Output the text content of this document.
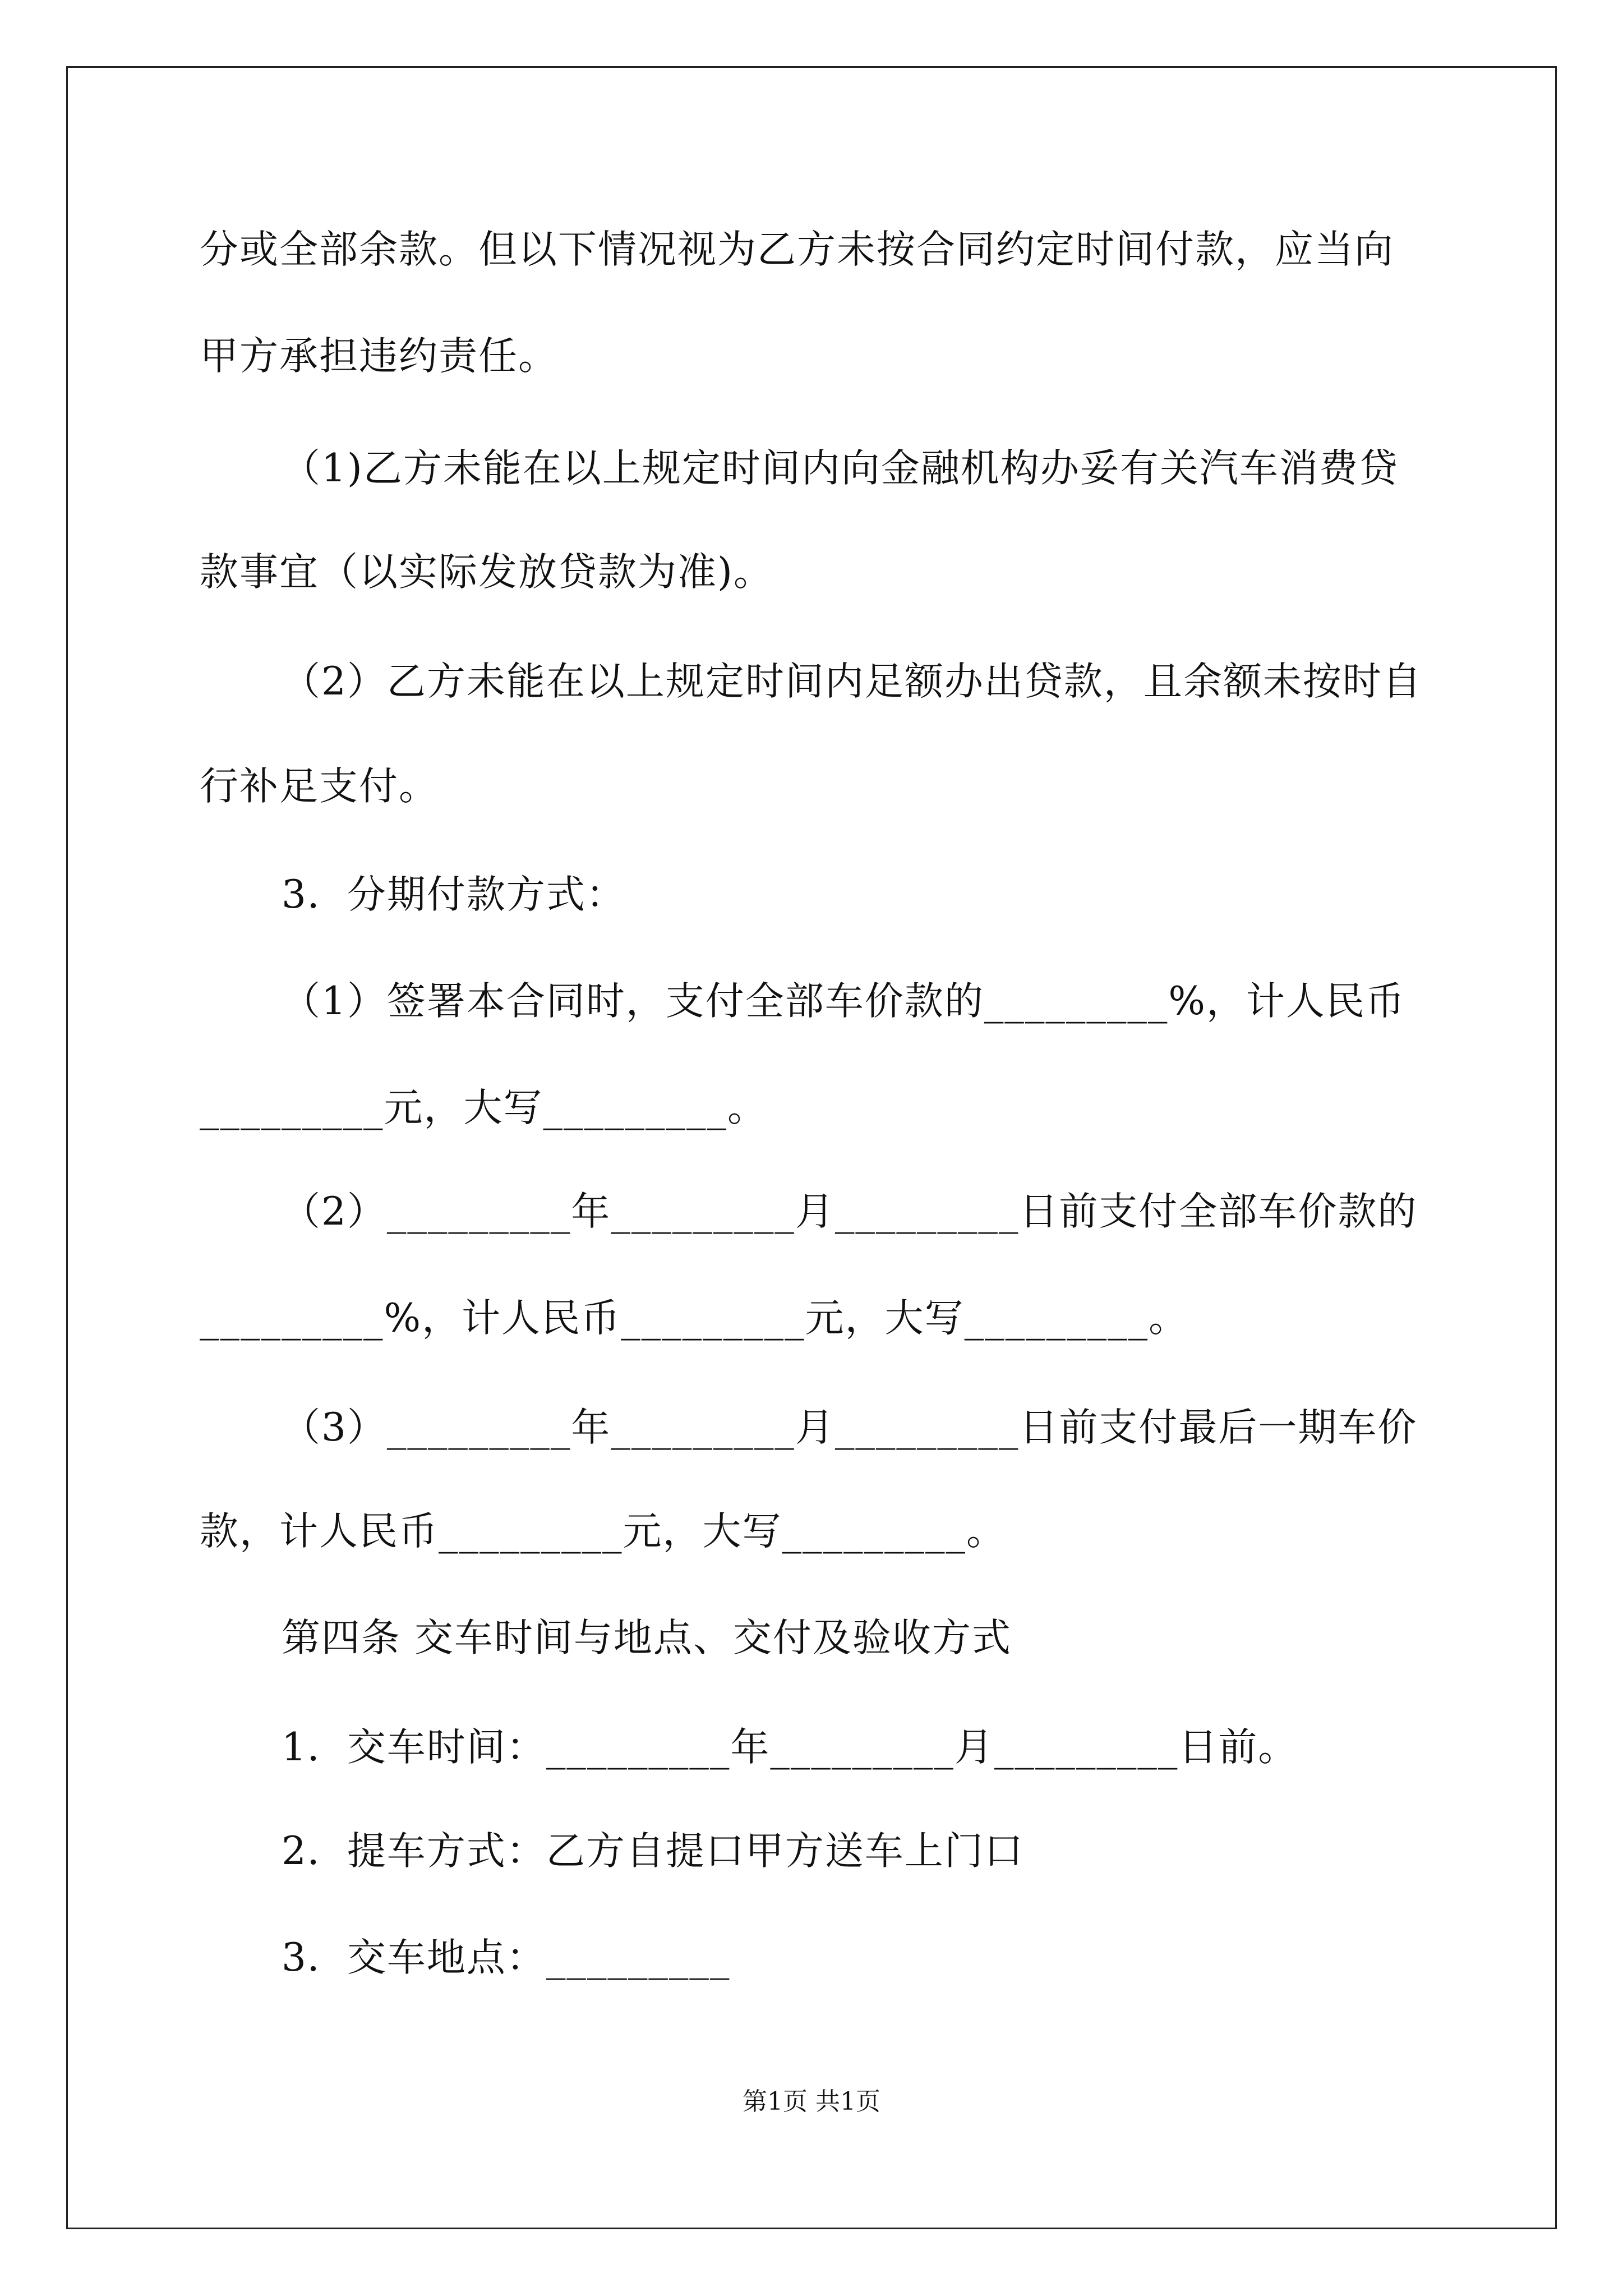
分或全部余款。但以下情况视为乙方未按合同约定时间付款，应当向
甲方承担违约责任。
（1)乙方未能在以上规定时间内向金融机构办妥有关汽车消费贷
款事宜（以实际发放贷款为准)。
（2）乙方未能在以上规定时间内足额办出贷款，且余额未按时自
行补足支付。
3．分期付款方式：
（1）签署本合同时，支付全部车价款的_________%，计人民币
_________元，大写_________。
（2）_________年_________月_________日前支付全部车价款的
_________%，计人民币_________元，大写_________。
（3）_________年_________月_________日前支付最后一期车价
款，计人民币_________元，大写_________。
第四条 交车时间与地点、交付及验收方式
1．交车时间：_________年_________月_________日前。
2．提车方式：乙方自提口甲方送车上门口
3．交车地点：_________
第1页 共1页
